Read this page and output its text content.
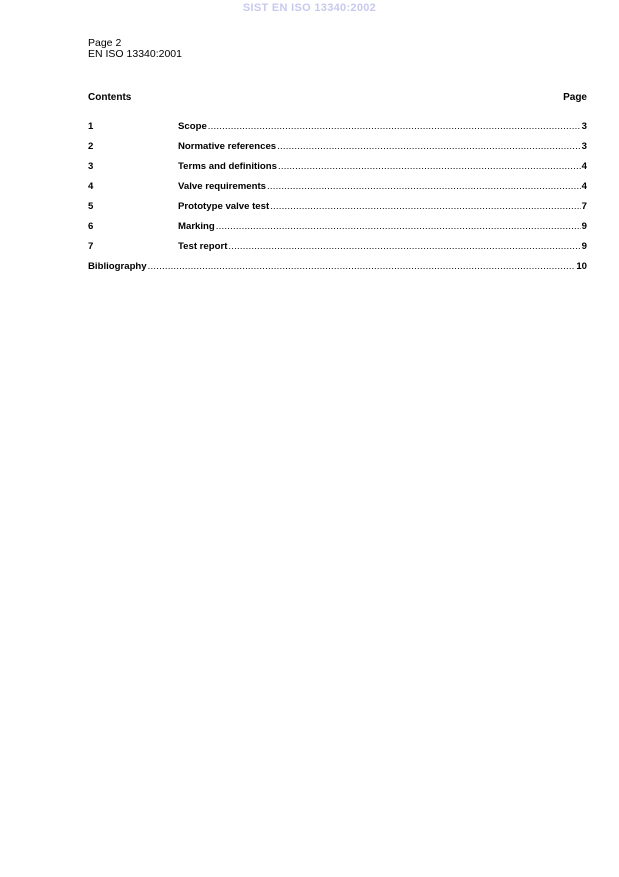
SIST EN ISO 13340:2002
Page 2
EN ISO 13340:2001
Contents	Page
1	Scope .....	3
2	Normative references .....	3
3	Terms and definitions .....	4
4	Valve requirements .....	4
5	Prototype valve test .....	7
6	Marking .....	9
7	Test report .....	9
Bibliography .....	10
